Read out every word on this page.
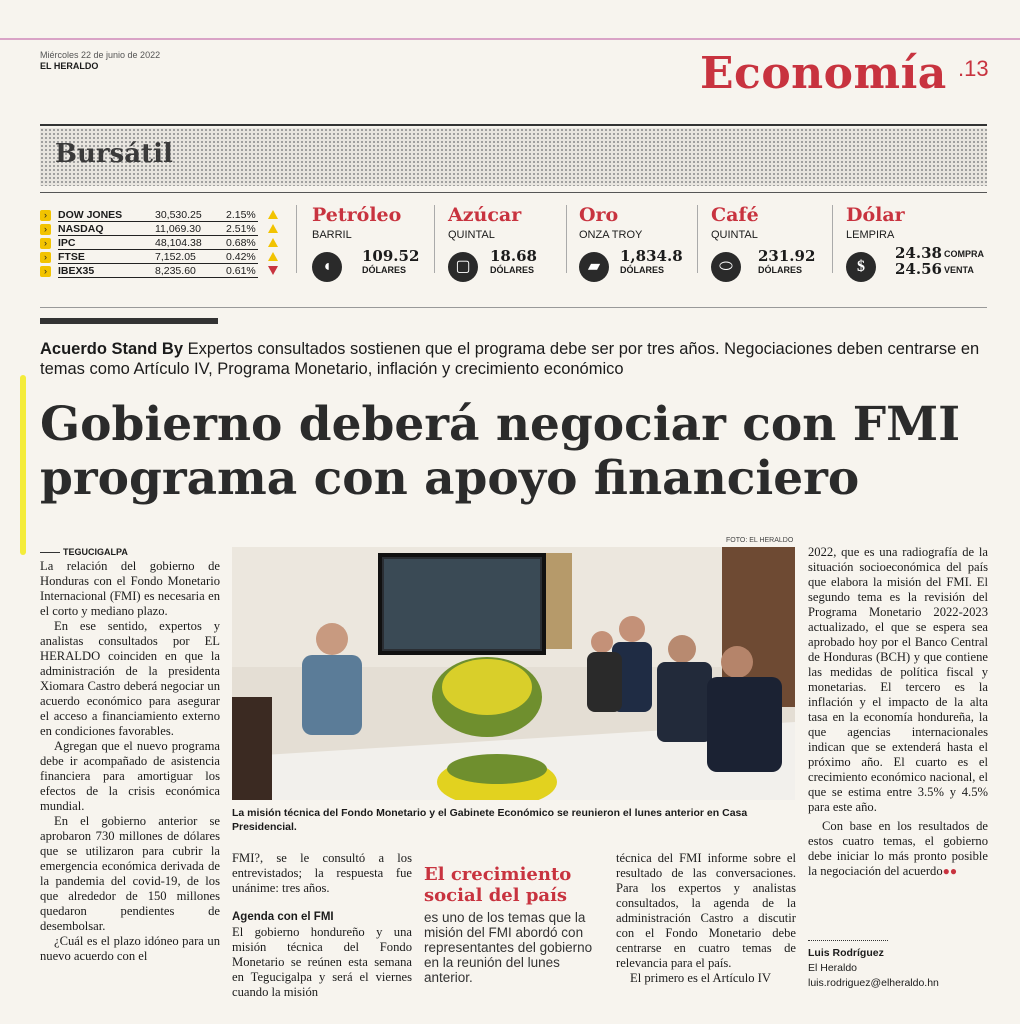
Miércoles 22 de junio de 2022
EL HERALDO	Economía .13
Bursátil
›	DOW JONES	30,530.25 2.15%
›	NASDAQ	11,069.30 2.51%
›	IPC	48,104.38 0.68%
›	FTSE	7,152.05	0.42%
›	IBEX35	8,235.60	0.61%
Petróleo
BARRIL
◖
109.52
DÓLARES
Azúcar
QUINTAL
▢
18.68
DÓLARES
Oro
ONZA TROY
▰
1,834.8
DÓLARES
Café
QUINTAL
⬭
231.92
DÓLARES
Dólar
LEMPIRA
$
24.38 COMPRA
24.56 VENTA
Acuerdo Stand By Expertos consultados sostienen que el programa debe ser por tres años. Negociaciones deben centrarse en temas como Artículo IV, Programa Monetario, inflación y crecimiento económico
Gobierno deberá negociar con FMI programa con apoyo financiero
FOTO: EL HERALDO
La misión técnica del Fondo Monetario y el Gabinete Económico se reunieron el lunes anterior en Casa Presidencial.
TEGUCIGALPA

La relación del gobierno de Honduras con el Fondo Monetario Internacional (FMI) es necesaria en el corto y mediano plazo.

En ese sentido, expertos y analistas consultados por EL HERALDO coinciden en que la administración de la presidenta Xiomara Castro deberá negociar un acuerdo económico para asegurar el acceso a financiamiento externo en condiciones favorables.

Agregan que el nuevo programa debe ir acompañado de asistencia financiera para amortiguar los efectos de la crisis económica mundial.

En el gobierno anterior se aprobaron 730 millones de dólares que se utilizaron para cubrir la emergencia económica derivada de la pandemia del covid-19, de los que alrededor de 150 millones quedaron pendientes de desembolsar.

¿Cuál es el plazo idóneo para un nuevo acuerdo con el

FMI?, se le consultó a los entrevistados; la respuesta fue unánime: tres años.

Agenda con el FMI

El gobierno hondureño y una misión técnica del Fondo Monetario se reúnen esta semana en Tegucigalpa y será el viernes cuando la misión

El crecimiento social del país
es uno de los temas que la misión del FMI abordó con representantes del gobierno en la reunión del lunes anterior.

técnica del FMI informe sobre el resultado de las conversaciones. Para los expertos y analistas consultados, la agenda de la administración Castro a discutir con el Fondo Monetario debe centrarse en cuatro temas de relevancia para el país.

El primero es el Artículo IV

2022, que es una radiografía de la situación socioeconómica del país que elabora la misión del FMI. El segundo tema es la revisión del Programa Monetario 2022-2023 actualizado, el que se espera sea aprobado hoy por el Banco Central de Honduras (BCH) y que contiene las medidas de política fiscal y monetarias. El tercero es la inflación y el impacto de la alta tasa en la economía hondureña, la que agencias internacionales indican que se extenderá hasta el próximo año. El cuarto es el crecimiento económico nacional, el que se estima entre 3.5% y 4.5% para este año.

Con base en los resultados de estos cuatro temas, el gobierno debe iniciar lo más pronto posible la negociación del acuerdo●●

Luis Rodríguez
El Heraldo
luis.rodriguez@elheraldo.hn
